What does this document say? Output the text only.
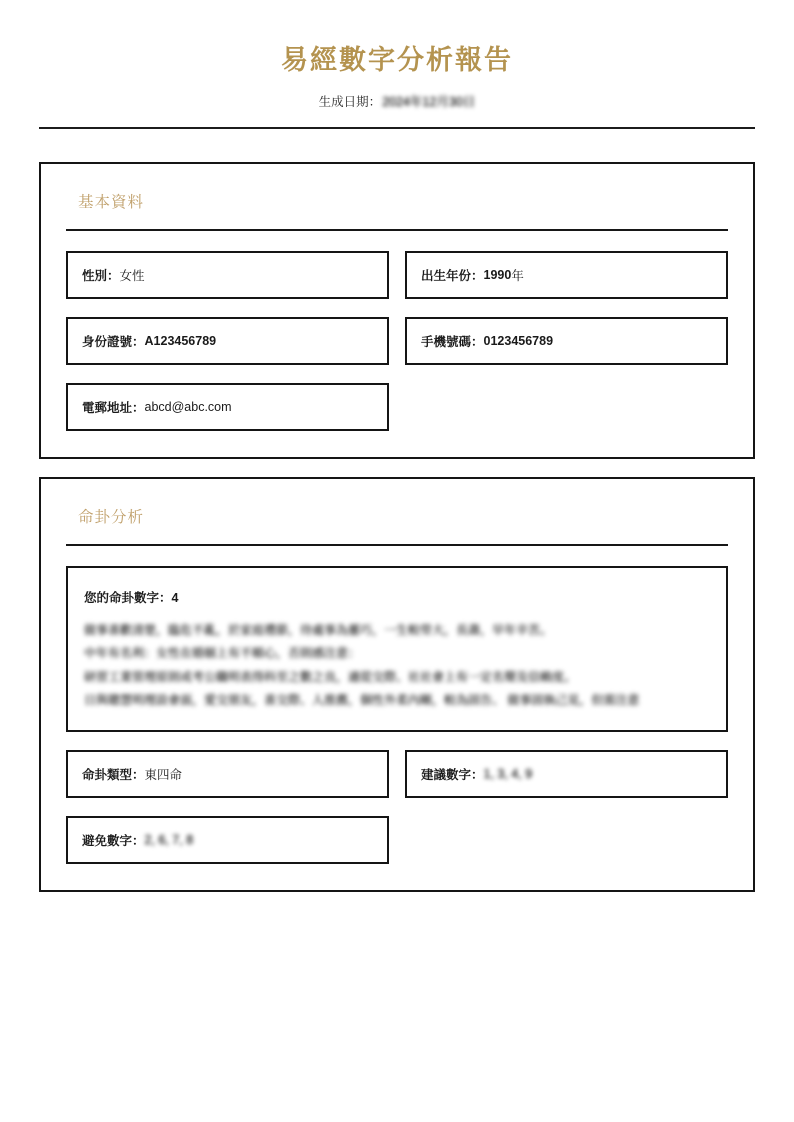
易經數字分析報告
生成日期： 2024年12月30日
基本資料
性別： 女性	出生年份： 1990 年
身份證號： A123456789	手機號碼： 0123456789
電郵地址： abcd@abc.com
命卦分析
您的命卦數字：4

做事喜歡清楚，臨危不亂，於家庭禮節，待處事為靈巧，一生較勞大，長壽，早年辛苦。

中年有名利：女性在婚姻上有不順心，否則感注意：

研習工業管理原則或考公職明表得科至之數之良，適從交際、社社會上有一定名聲及信賴度。

日與聰慧明理設會面，愛交朋友，喜交際、人推薦，個性外柔內剛，較為固告、

做事固執己見，但需注意

命卦類型： 東四命	建議數字： 1, 3, 4, 9
避免數字： 2, 6, 7, 8
